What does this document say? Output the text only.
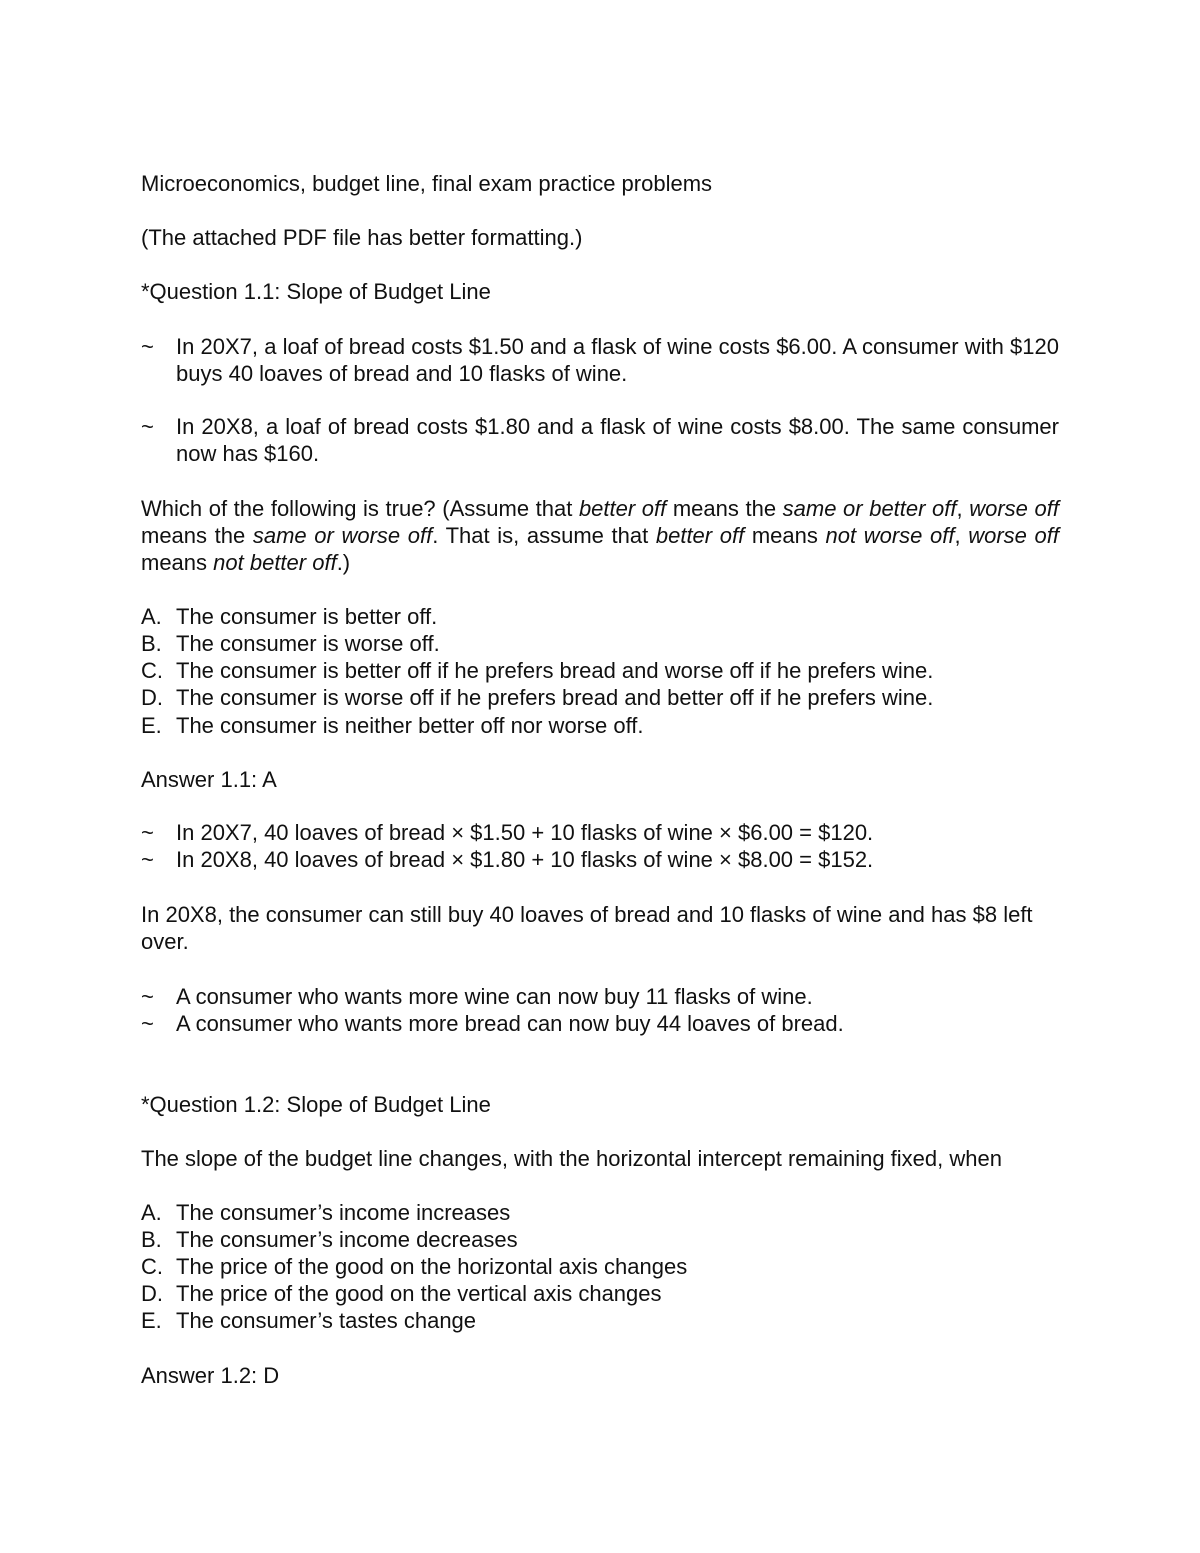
Microeconomics, budget line, final exam practice problems
(The attached PDF file has better formatting.)
*Question 1.1: Slope of Budget Line
~ In 20X7, a loaf of bread costs $1.50 and a flask of wine costs $6.00. A consumer with $120 buys 40 loaves of bread and 10 flasks of wine.
~ In 20X8, a loaf of bread costs $1.80 and a flask of wine costs $8.00. The same consumer now has $160.
Which of the following is true? (Assume that better off means the same or better off, worse off means the same or worse off. That is, assume that better off means not worse off, worse off means not better off.)
A. The consumer is better off.
B. The consumer is worse off.
C. The consumer is better off if he prefers bread and worse off if he prefers wine.
D. The consumer is worse off if he prefers bread and better off if he prefers wine.
E. The consumer is neither better off nor worse off.
Answer 1.1: A
~ In 20X7, 40 loaves of bread × $1.50 + 10 flasks of wine × $6.00 = $120.
~ In 20X8, 40 loaves of bread × $1.80 + 10 flasks of wine × $8.00 = $152.
In 20X8, the consumer can still buy 40 loaves of bread and 10 flasks of wine and has $8 left over.
~ A consumer who wants more wine can now buy 11 flasks of wine.
~ A consumer who wants more bread can now buy 44 loaves of bread.
*Question 1.2: Slope of Budget Line
The slope of the budget line changes, with the horizontal intercept remaining fixed, when
A. The consumer’s income increases
B. The consumer’s income decreases
C. The price of the good on the horizontal axis changes
D. The price of the good on the vertical axis changes
E. The consumer’s tastes change
Answer 1.2: D
